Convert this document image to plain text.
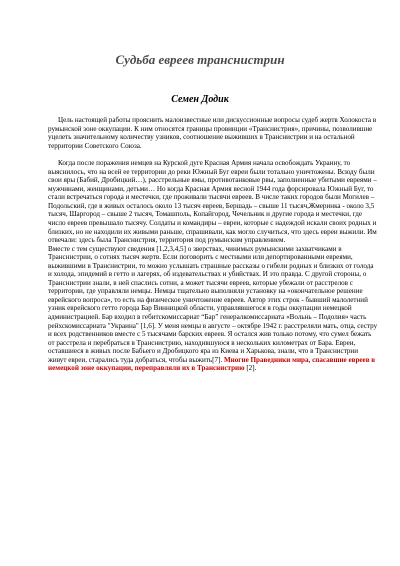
Судьба евреев транснистрин
Семен Додик

Цель настоящей работы прояснить малоизвестные или дискуссионные вопросы судеб жертв Холокоста в румынской зоне оккупации. К ним относятся границы провинции «Транснистрия», причины, позволившие уцелеть значительному количеству узников, соотношение выживших в Транснистрии и на остальной территории Советского Союза.

Когда после поражения немцев на Курской дуге Красная Армия начала освобождать Украину, то выяснилось, что на всей ее территории до реки Южный Буг евреи были тотально уничтожены. Всюду были свои яры (Бабий, Дробицкий…), расстрельные ямы, противотанковые рвы, заполненные убитыми евреями – мужчинами, женщинами, детьми… Но когда Красная Армия весной 1944 года форсировала Южный Буг, то стали встречаться города и местечки, где проживали тысячи евреев. В числе таких городов были Могилев – Подольский, где в живых осталось около 13 тысяч евреев, Бершадь – свыше 11 тысяч,Жмеринка - около 3,5 тысяч, Шаргород – свыше 2 тысяч, Томашполь, Копайгород, Чечельник и другие города и местечки, где число евреев превышало тысячу. Солдаты и командиры – евреи, которые с надеждой искали своих родных и близких, но не находили их живыми раньше, спрашивали, как могло случиться, что здесь евреи выжили. Им отвечали: здесь была Транснистрия, территория под румынским управлением.

Вместе с тем существуют сведения [1,2,3,4,5] о зверствах, чинимых румынскими захватчиками в Транснистрии, о сотнях тысяч жертв. Если поговорить с местными или депортированными евреями, выжившими в Транснистрии, то можно услышать страшные рассказы о гибели родных и близких от голода и холода, эпидемий в гетто и лагерях, об издевательствах и убийствах. И это правда. С другой стороны, о Транснистрии знали, в ней спаслись сотни, а может тысячи евреев, которые убежали от расстрелов с территории, где управляли немцы. Немцы тщательно выполняли установку на «окончательное решение еврейского вопроса», то есть на физическое уничтожение евреев. Автор этих строк - бывший малолетний узник еврейского гетто города Бар Винницкой области, управлявшегося в годы оккупации немецкой администрацией. Бар входил в гебитскомиссариат “Бар” генералкомиссариата «Вольнь – Подолия» часть рейхскомиссариата "Украина" [1,6]. У меня немцы в августе – октябре 1942 г. расстреляли мать, отца, сестру и всех родственников вместе с 5 тысячами барских евреев. Я остался жив только потому, что сумел бежать от расстрела и перебраться в Транснистрию, находившуюся в нескольких километрах от Бара. Евреи, оставшиеся в живых после Бабьего и Дробицкого яра из Киева и Харькова, знали, что в Транснистрии живут евреи, старались туда добраться, чтобы выжить[7]. Многие Праведники мира, спасавшие евреев в немецкой зоне оккупации, переправляли их в Транснистрию [2].
